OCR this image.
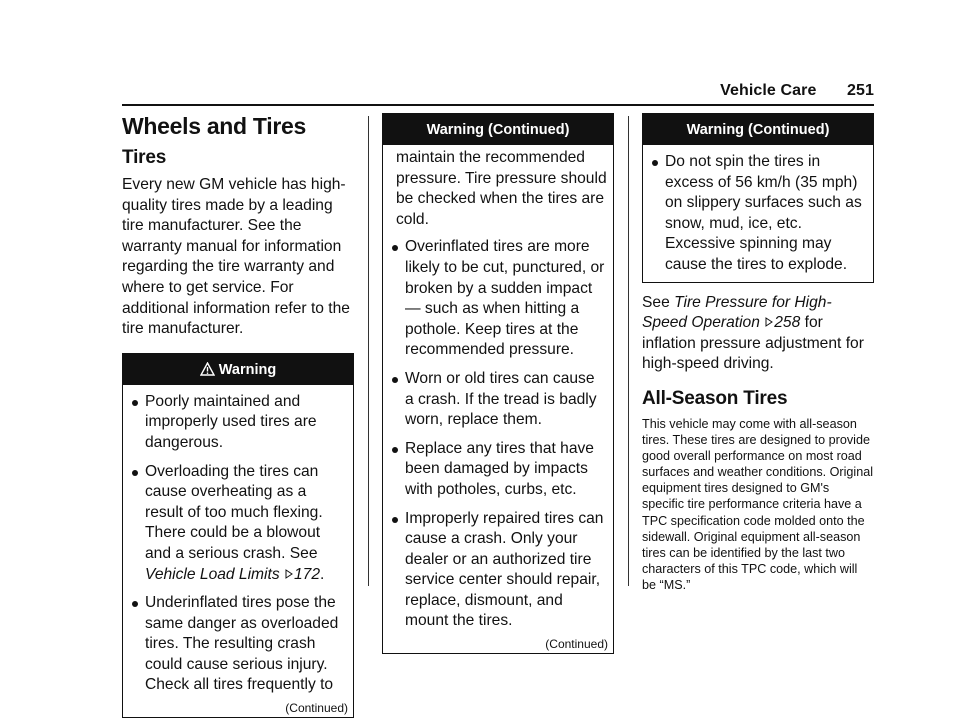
Vehicle Care 251
Wheels and Tires
Tires

Every new GM vehicle has high-quality tires made by a leading tire manufacturer. See the warranty manual for information regarding the tire warranty and where to get service. For additional information refer to the tire manufacturer.

Warning
Poorly maintained and improperly used tires are dangerous.
Overloading the tires can cause overheating as a result of too much flexing. There could be a blowout and a serious crash. See Vehicle Load Limits 172.
Underinflated tires pose the same danger as overloaded tires. The resulting crash could cause serious injury. Check all tires frequently to
(Continued)
Warning (Continued)

maintain the recommended pressure. Tire pressure should be checked when the tires are cold.

Overinflated tires are more likely to be cut, punctured, or broken by a sudden impact — such as when hitting a pothole. Keep tires at the recommended pressure.
Worn or old tires can cause a crash. If the tread is badly worn, replace them.
Replace any tires that have been damaged by impacts with potholes, curbs, etc.
Improperly repaired tires can cause a crash. Only your dealer or an authorized tire service center should repair, replace, dismount, and mount the tires.
(Continued)
Warning (Continued)
Do not spin the tires in excess of 56 km/h (35 mph) on slippery surfaces such as snow, mud, ice, etc. Excessive spinning may cause the tires to explode.

See Tire Pressure for High-Speed Operation 258 for inflation pressure adjustment for high-speed driving.

All-Season Tires

This vehicle may come with all-season tires. These tires are designed to provide good overall performance on most road surfaces and weather conditions. Original equipment tires designed to GM's specific tire performance criteria have a TPC specification code molded onto the sidewall. Original equipment all-season tires can be identified by the last two characters of this TPC code, which will be “MS.”
